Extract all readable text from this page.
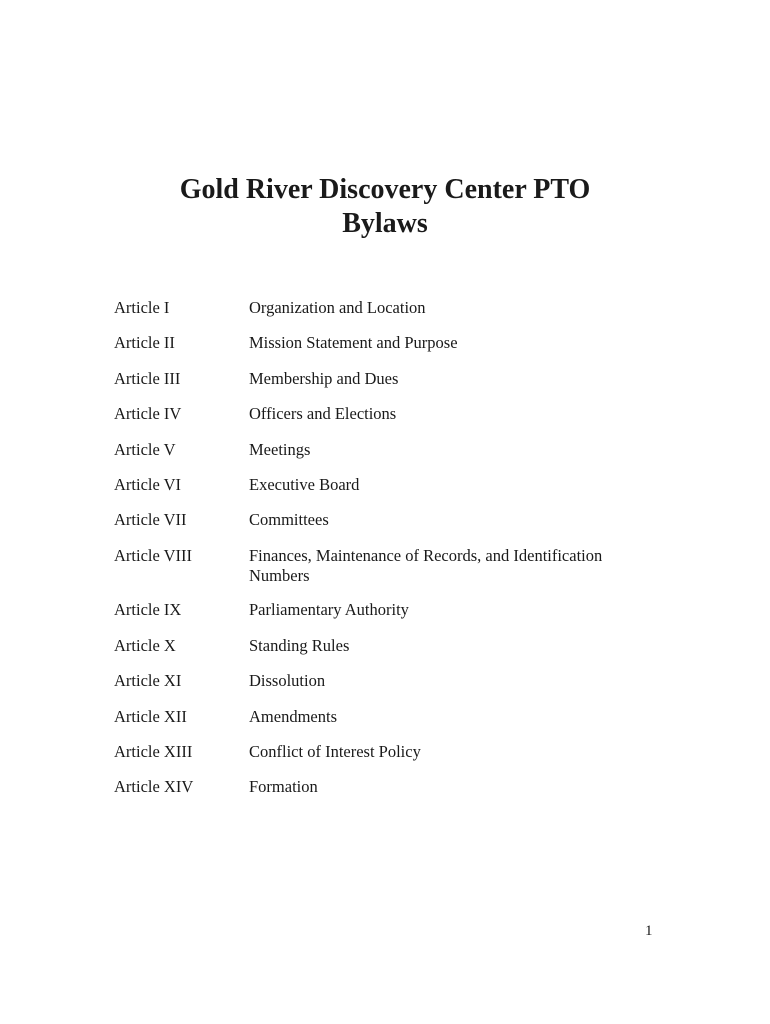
Gold River Discovery Center PTO
Bylaws
Article I	Organization and Location
Article II	Mission Statement and Purpose
Article III	Membership and Dues
Article IV	Officers and Elections
Article V	Meetings
Article VI	Executive Board
Article VII	Committees
Article VIII	Finances, Maintenance of Records, and Identification Numbers
Article IX	Parliamentary Authority
Article X	Standing Rules
Article XI	Dissolution
Article XII	Amendments
Article XIII	Conflict of Interest Policy
Article XIV	Formation
1
